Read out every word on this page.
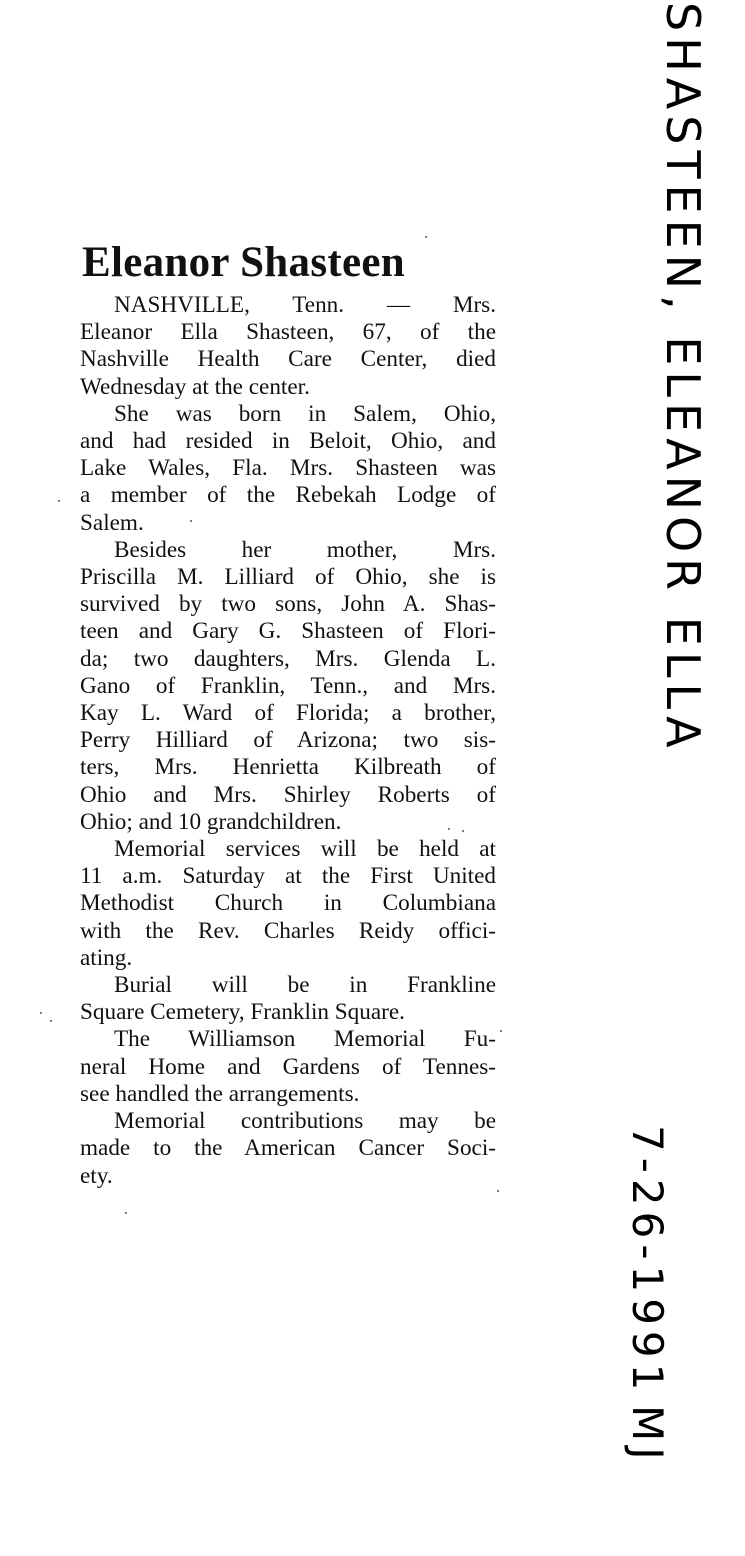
Eleanor Shasteen

NASHVILLE, Tenn. — Mrs.
Eleanor Ella Shasteen, 67, of the
Nashville Health Care Center, died
Wednesday at the center.

She was born in Salem, Ohio,
and had resided in Beloit, Ohio, and
Lake Wales, Fla. Mrs. Shasteen was
a member of the Rebekah Lodge of
Salem.

Besides her mother, Mrs.
Priscilla M. Lilliard of Ohio, she is
survived by two sons, John A. Shas-
teen and Gary G. Shasteen of Flori-
da; two daughters, Mrs. Glenda L.
Gano of Franklin, Tenn., and Mrs.
Kay L. Ward of Florida; a brother,
Perry Hilliard of Arizona; two sis-
ters, Mrs. Henrietta Kilbreath of
Ohio and Mrs. Shirley Roberts of
Ohio; and 10 grandchildren.

Memorial services will be held at
11 a.m. Saturday at the First United
Methodist Church in Columbiana
with the Rev. Charles Reidy offici-
ating.

Burial will be in Frankline
Square Cemetery, Franklin Square.

The Williamson Memorial Fu-
neral Home and Gardens of Tennes-
see handled the arrangements.

Memorial contributions may be
made to the American Cancer Soci-
ety.

SHASTEEN, ELEANOR ELLA
7-26-1991
MJ
